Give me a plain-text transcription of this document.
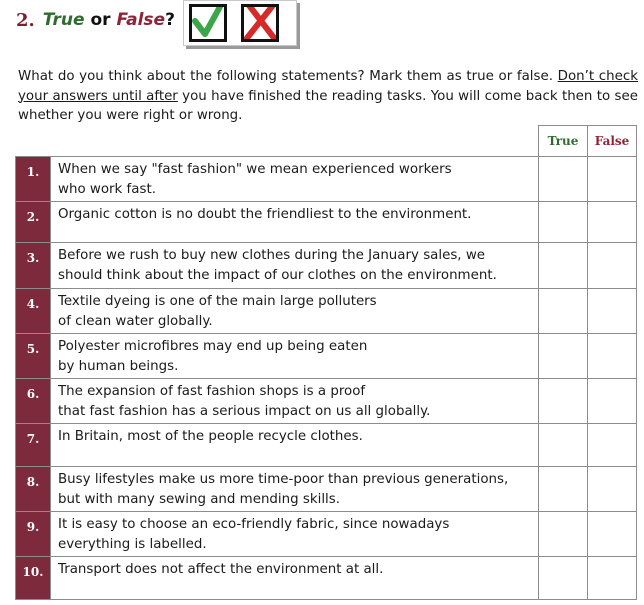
2. True or False?
What do you think about the following statements? Mark them as true or false. Don’t check your answers until after you have finished the reading tasks. You will come back then to see whether you were right or wrong.
		True	False
1.	When we say "fast fashion" we mean experienced workers
who work fast.		

2.	Organic cotton is no doubt the friendliest to the environment.		

3.	Before we rush to buy new clothes during the January sales, we
should think about the impact of our clothes on the environment.		

4.	Textile dyeing is one of the main large polluters
of clean water globally.		

5.	Polyester microfibres may end up being eaten
by human beings.		

6.	The expansion of fast fashion shops is a proof
that fast fashion has a serious impact on us all globally.		

7.	In Britain, most of the people recycle clothes.		

8.	Busy lifestyles make us more time-poor than previous generations,
but with many sewing and mending skills.		

9.	It is easy to choose an eco-friendly fabric, since nowadays
everything is labelled.		

10.	Transport does not affect the environment at all.		
